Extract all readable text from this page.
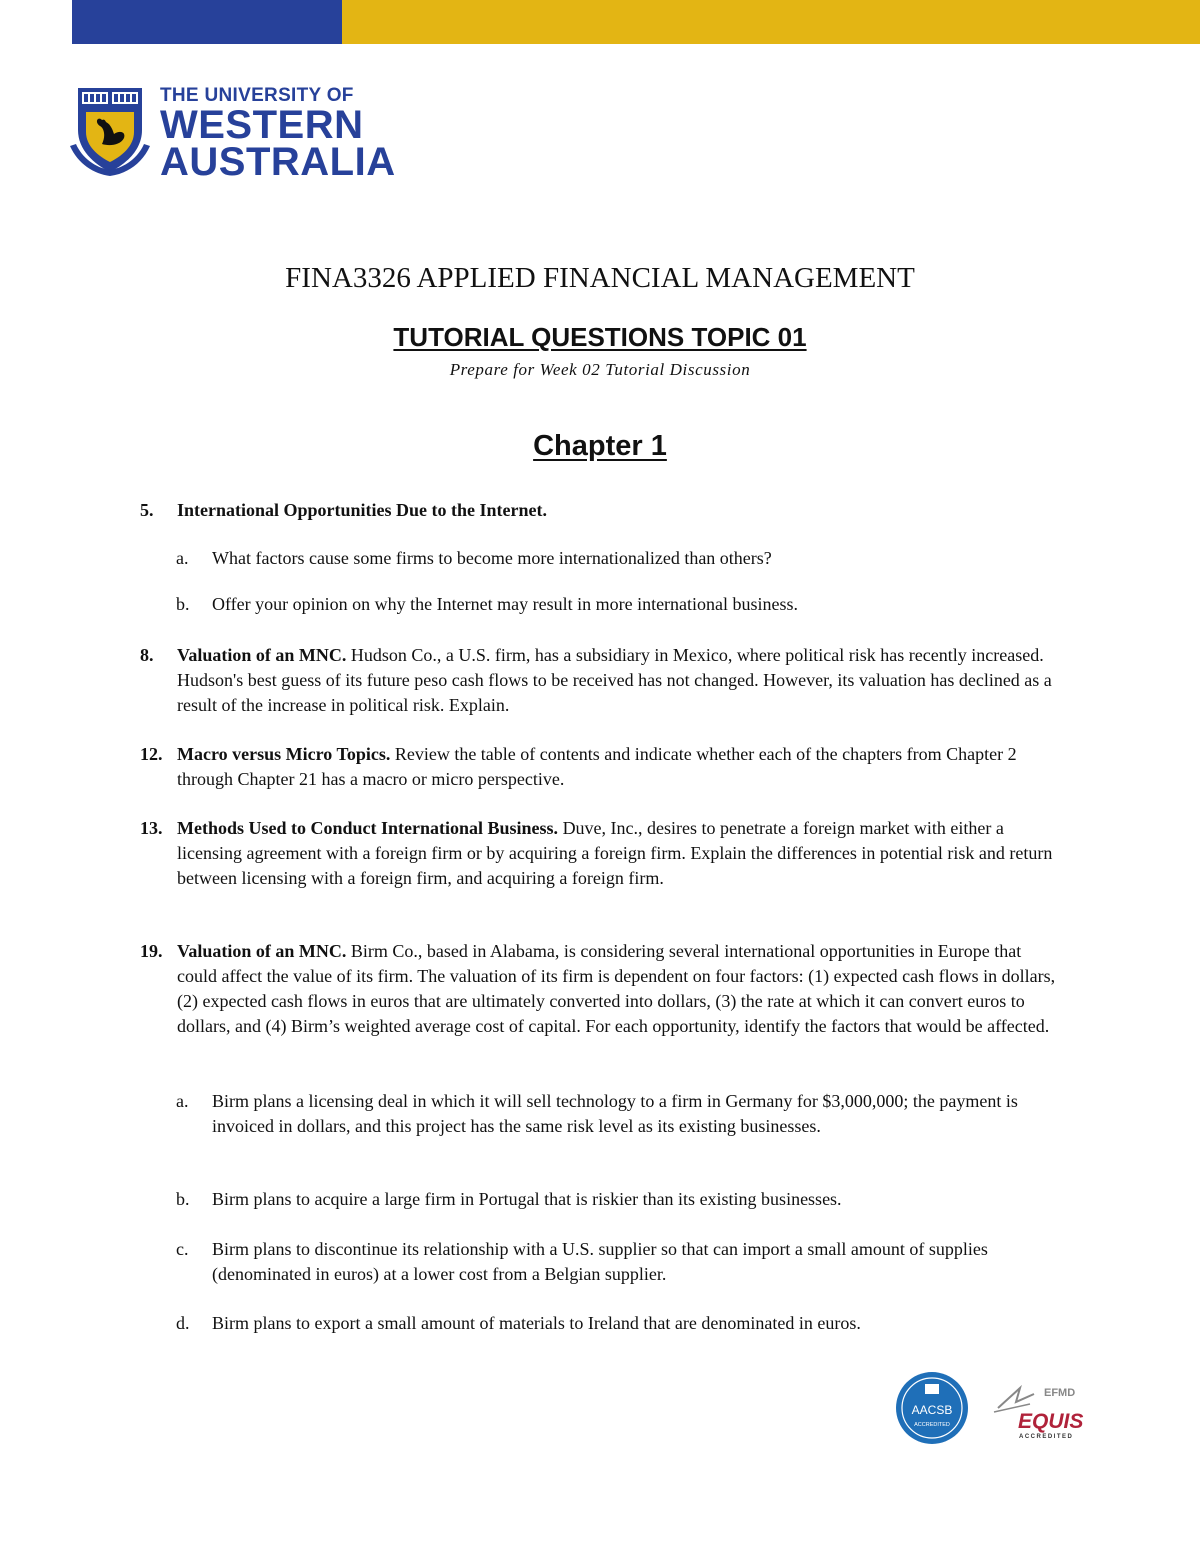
THE UNIVERSITY OF
WESTERN
AUSTRALIA
FINA3326 APPLIED FINANCIAL MANAGEMENT
TUTORIAL QUESTIONS TOPIC 01
Prepare for Week 02 Tutorial Discussion
Chapter 1
5. International Opportunities Due to the Internet.
a. What factors cause some firms to become more internationalized than others?
b. Offer your opinion on why the Internet may result in more international business.
8. Valuation of an MNC. Hudson Co., a U.S. firm, has a subsidiary in Mexico, where political risk has recently increased. Hudson's best guess of its future peso cash flows to be received has not changed. However, its valuation has declined as a result of the increase in political risk. Explain.
12. Macro versus Micro Topics. Review the table of contents and indicate whether each of the chapters from Chapter 2 through Chapter 21 has a macro or micro perspective.
13. Methods Used to Conduct International Business. Duve, Inc., desires to penetrate a foreign market with either a licensing agreement with a foreign firm or by acquiring a foreign firm. Explain the differences in potential risk and return between licensing with a foreign firm, and acquiring a foreign firm.
19. Valuation of an MNC. Birm Co., based in Alabama, is considering several international opportunities in Europe that could affect the value of its firm. The valuation of its firm is dependent on four factors: (1) expected cash flows in dollars, (2) expected cash flows in euros that are ultimately converted into dollars, (3) the rate at which it can convert euros to dollars, and (4) Birm’s weighted average cost of capital. For each opportunity, identify the factors that would be affected.
a. Birm plans a licensing deal in which it will sell technology to a firm in Germany for $3,000,000; the payment is invoiced in dollars, and this project has the same risk level as its existing businesses.
b. Birm plans to acquire a large firm in Portugal that is riskier than its existing businesses.
c. Birm plans to discontinue its relationship with a U.S. supplier so that can import a small amount of supplies (denominated in euros) at a lower cost from a Belgian supplier.
d. Birm plans to export a small amount of materials to Ireland that are denominated in euros.
AACSB
ACCREDITED
EFMD
EQUIS
ACCREDITED
